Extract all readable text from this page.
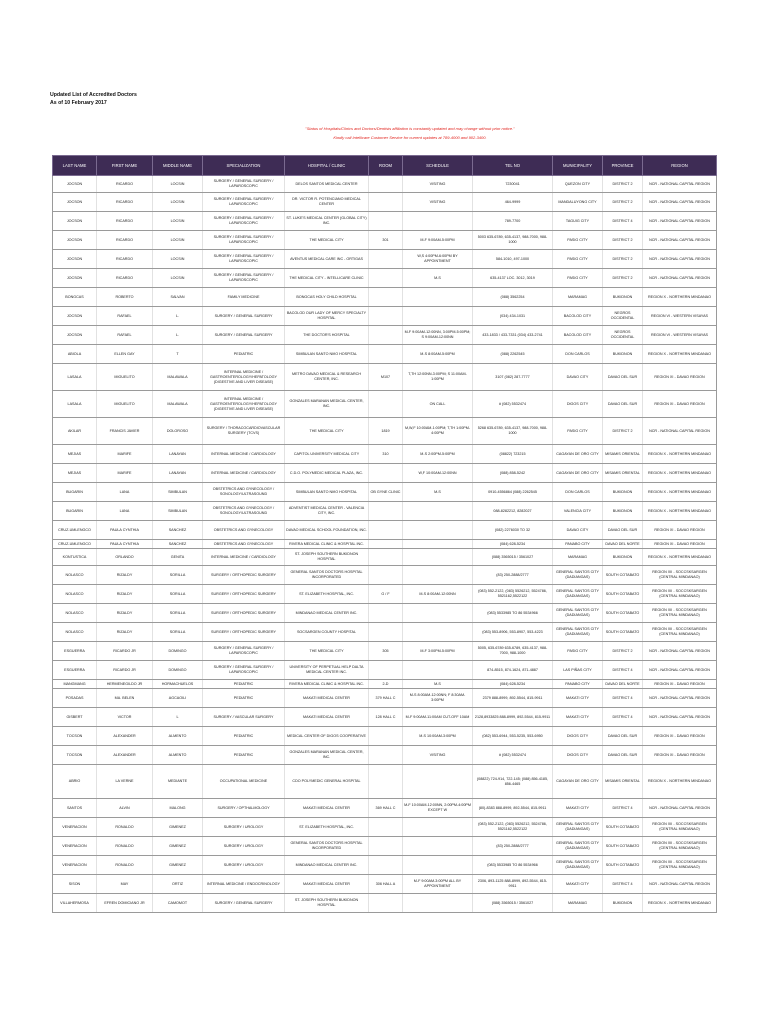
Updated List of Accredited Doctors
As of 10 February 2017
"Status of Hospitals/Clinics and Doctors/Dentists affiliation is constantly updated and may change without prior notice."
Kindly call Intellicare Customer Service for current updates at 789-4000 and 902-3400.
LAST NAME	FIRST NAME	MIDDLE NAME	SPECIALIZATION	HOSPITAL / CLINIC	ROOM	SCHEDULE	TEL NO	MUNICIPALITY	PROVINCE	REGION
JOCSON	RICARDO	LOCSIN	SURGERY / GENERAL SURGERY / LAPAROSCOPIC	DELOS SANTOS MEDICAL CENTER		VISITING	7230041	QUEZON CITY	DISTRICT 2	NCR - NATIONAL CAPITAL REGION
JOCSON	RICARDO	LOCSIN	SURGERY / GENERAL SURGERY / LAPAROSCOPIC	DR. VICTOR R. POTENCIANO MEDICAL CENTER		VISITING	464-9999	MANDALUYONG CITY	DISTRICT 2	NCR - NATIONAL CAPITAL REGION
JOCSON	RICARDO	LOCSIN	SURGERY / GENERAL SURGERY / LAPAROSCOPIC	ST. LUKE'S MEDICAL CENTER (GLOBAL CITY) INC.			789-7700	TAGUIG CITY	DISTRICT 4	NCR - NATIONAL CAPITAL REGION
JOCSON	RICARDO	LOCSIN	SURGERY / GENERAL SURGERY / LAPAROSCOPIC	THE MEDICAL CITY	301	M-F 9:00AM-5:00PM	5003 635-6789, 635-4137, 988-7000, 988-1000	PASIG CITY	DISTRICT 2	NCR - NATIONAL CAPITAL REGION
JOCSON	RICARDO	LOCSIN	SURGERY / GENERAL SURGERY / LAPAROSCOPIC	AVENTUS MEDICAL CARE INC - ORTIGAS		W,S 4:00PM-6:00PM BY APPOINTMENT	584-1010, 497-1000	PASIG CITY	DISTRICT 2	NCR - NATIONAL CAPITAL REGION
JOCSON	RICARDO	LOCSIN	SURGERY / GENERAL SURGERY / LAPAROSCOPIC	THE MEDICAL CITY - INTELLICARE CLINIC		M-S	635-4137 LOC. 3012, 3019	PASIG CITY	DISTRICT 2	NCR - NATIONAL CAPITAL REGION
BONGCAS	ROBERTO	SALVAN	FAMILY MEDICINE	BONGCAS HOLY CHILD HOSPITAL			(088) 3562254	MARAMAG	BUKIDNON	REGION X - NORTHERN MINDANAO
JOCSON	RAFAEL	L.	SURGERY / GENERAL SURGERY	BACOLOD OUR LADY OF MERCY SPECIALTY HOSPITAL			(034) 434-1031	BACOLOD CITY	NEGROS OCCIDENTAL	REGION VI - WESTERN VISAYAS
JOCSON	RAFAEL	L.	SURGERY / GENERAL SURGERY	THE DOCTOR'S HOSPITAL		M-F 9:00AM-12:00NN, 3:00PM-5:00PM; S 9:00AM-12:00NN	433-1833 / 433-7331 (034) 433-2741	BACOLOD CITY	NEGROS OCCIDENTAL	REGION VI - WESTERN VISAYAS
ABIOLA	ELLEN GAY	T	PEDIATRIC	SIMBULAN SANTO NIñO HOSPITAL		M-S 8:00AM-5:00PM	(088) 2262545	DON CARLOS	BUKIDNON	REGION X - NORTHERN MINDANAO
LASALA	MIGUELITO	MALAWALA	INTERNAL MEDICINE / GASTROENTEROLOGY/HEPATOLOGY (DIGESTIVE AND LIVER DISEASE)	METRO DAVAO MEDICAL & RESEARCH CENTER, INC.	M107	T,TH 12:00NN-3:00PM; S 11:00AM-1:00PM	3107 (082) 287-7777	DAVAO CITY	DAVAO DEL SUR	REGION XI - DAVAO REGION
LASALA	MIGUELITO	MALAWALA	INTERNAL MEDICINE / GASTROENTEROLOGY/HEPATOLOGY (DIGESTIVE AND LIVER DISEASE)	GONZALES MARANAN MEDICAL CENTER, INC.		ON CALL	# (082) 5532474	DIGOS CITY	DAVAO DEL SUR	REGION XI - DAVAO REGION
AKILAR	FRANCIS JAVIER	DOLOROSO	SURGERY / THORACOCARDIOVASCULAR SURGERY (TCVS)	THE MEDICAL CITY	1819	M,W,F 10:00AM-1:00PM; T,TH 1:00PM-4:00PM	5268 635-6789, 635-4137, 988-7000, 988-1000	PASIG CITY	DISTRICT 2	NCR - NATIONAL CAPITAL REGION
MEJIAS	MARIFE	LANAYAN	INTERNAL MEDICINE / CARDIOLOGY	CAPITOL UNIVERSITY MEDICAL CITY	310	M-S 2:00PM-5:00PM	(08822) 723215	CAGAYAN DE ORO CITY	MISAMIS ORIENTAL	REGION X - NORTHERN MINDANAO
MEJIAS	MARIFE	LANAYAN	INTERNAL MEDICINE / CARDIOLOGY	C.D.O. POLYMEDIC MEDICAL PLAZA, INC.		W,F 10:00AM-12:00NN	(088) 858-5242	CAGAYAN DE ORO CITY	MISAMIS ORIENTAL	REGION X - NORTHERN MINDANAO
BUGARIN	LANA	SIMBULAN	OBSTETRICS AND GYNECOLOGY / SONOLOGY/ULTRASOUND	SIMBULAN SANTO NIñO HOSPITAL	OB GYNE CLINIC	M-S	0910-4556864 (088) 2262545	DON CARLOS	BUKIDNON	REGION X - NORTHERN MINDANAO
BUGARIN	LANA	SIMBULAN	OBSTETRICS AND GYNECOLOGY / SONOLOGY/ULTRASOUND	ADVENTIST MEDICAL CENTER - VALENCIA CITY, INC.			088-8282212, 8282027	VALENCIA CITY	BUKIDNON	REGION X - NORTHERN MINDANAO
CRUZ-UMLENGCO	PAULA CYNTHIA	SANCHEZ	OBSTETRICS AND GYNECOLOGY	DAVAO MEDICAL SCHOOL FOUNDATION, INC.			(082) 2276030 TO 32	DAVAO CITY	DAVAO DEL SUR	REGION XI - DAVAO REGION
CRUZ-UMLENGCO	PAULA CYNTHIA	SANCHEZ	OBSTETRICS AND GYNECOLOGY	RIVERA MEDICAL CLINIC & HOSPITAL INC.			(084) 628-5234	PANABO CITY	DAVAO DEL NORTE	REGION XI - DAVAO REGION
KONTUSTICA	ORLANDO	GENITA	INTERNAL MEDICINE / CARDIOLOGY	ST. JOSEPH SOUTHERN BUKIDNON HOSPITAL			(088) 3565015 / 3561027	MARAMAG	BUKIDNON	REGION X - NORTHERN MINDANAO
NOLASCO	RIZALDY	SORILLA	SURGERY / ORTHOPEDIC SURGERY	GENERAL SANTOS DOCTORS HOSPITAL INCORPORATED			(83) 250-2888/2777	GENERAL SANTOS CITY (DADIANGAS)	SOUTH COTABATO	REGION XII - SOCCSKSARGEN (CENTRAL MINDANAO)
NOLASCO	RIZALDY	SORILLA	SURGERY / ORTHOPEDIC SURGERY	ST. ELIZABETH HOSPITAL, INC.	G / F	M-S 8:00AM-12:00NN	(083) 552-2122, (083) 5526212, 5524786, 5521162,5522122	GENERAL SANTOS CITY (DADIANGAS)	SOUTH COTABATO	REGION XII - SOCCSKSARGEN (CENTRAL MINDANAO)
NOLASCO	RIZALDY	SORILLA	SURGERY / ORTHOPEDIC SURGERY	MINDANAO MEDICAL CENTER INC.			(083) 5533985 TO 86 5534966	GENERAL SANTOS CITY (DADIANGAS)	SOUTH COTABATO	REGION XII - SOCCSKSARGEN (CENTRAL MINDANAO)
NOLASCO	RIZALDY	SORILLA	SURGERY / ORTHOPEDIC SURGERY	SOCSARGEN COUNTY HOSPITAL			(083) 553-8906, 553-8907, 553-4223	GENERAL SANTOS CITY (DADIANGAS)	SOUTH COTABATO	REGION XII - SOCCSKSARGEN (CENTRAL MINDANAO)
ESGUERRA	RICARDO JR	DOMINGO	SURGERY / GENERAL SURGERY / LAPAROSCOPIC	THE MEDICAL CITY	305	M-F 3:00PM-5:00PM	5005, 635-6789 635-6789, 635-4137, 988-7000, 988-1000	PASIG CITY	DISTRICT 2	NCR - NATIONAL CAPITAL REGION
ESGUERRA	RICARDO JR	DOMINGO	SURGERY / GENERAL SURGERY / LAPAROSCOPIC	UNIVERSITY OF PERPETUAL HELP DALTA MEDICAL CENTER INC.			874-8515, 874-1624, 871-4887	LAS PIÑAS CITY	DISTRICT 4	NCR - NATIONAL CAPITAL REGION
MANGMANG	HERMENEGILDO JR	HORMACHUELOS	PEDIATRIC	RIVERA MEDICAL CLINIC & HOSPITAL INC.	2-D	M-S	(084) 628-5234	PANABO CITY	DAVAO DEL NORTE	REGION XI - DAVAO REGION
POSADAS	MA. BELEN	AGCAOILI	PEDIATRIC	MAKATI MEDICAL CENTER	379 HALL C	M-S 8:00AM-12:00NN; F 8:30AM-3:00PM	2379 888-8999, 892-5544, 815-9911	MAKATI CITY	DISTRICT 4	NCR - NATIONAL CAPITAL REGION
GISBERT	VICTOR	L	SURGERY / VASCULAR SURGERY	MAKATI MEDICAL CENTER	128 HALL C	M-F 9:00AM-11:00AM CUT-OFF 10AM	2128,8933825 888-8999, 892-5544, 815-9911	MAKATI CITY	DISTRICT 4	NCR - NATIONAL CAPITAL REGION
TOCSON	ALEXANDER	ALMENTO	PEDIATRIC	MEDICAL CENTER OF DIGOS COOPERATIVE		M-S 10:00AM-3:00PM	(082) 553-6944, 553-5235, 553-6950	DIGOS CITY	DAVAO DEL SUR	REGION XI - DAVAO REGION
TOCSON	ALEXANDER	ALMENTO	PEDIATRIC	GONZALES MARANAN MEDICAL CENTER, INC.		VISITING	# (082) 5532474	DIGOS CITY	DAVAO DEL SUR	REGION XI - DAVAO REGION
ABRIO	LA VERNE	MEDIANTE	OCCUPATIONAL MEDICINE	CDO POLYMEDIC GENERAL HOSPITAL			(08822) 724-914, 722-145; (088) 856-4185, 856-4465	CAGAYAN DE ORO CITY	MISAMIS ORIENTAL	REGION X - NORTHERN MINDANAO
SANTOS	ALVIN	MALONG	SURGERY / OPTHALMOLOGY	MAKATI MEDICAL CENTER	369 HALL C	M-F 10:00AM-12:00NN, 2:00PM-4:00PM EXCEPT W	(80)-8383 888-8999, 892-5544, 815-9911	MAKATI CITY	DISTRICT 4	NCR - NATIONAL CAPITAL REGION
VENERACION	RONALDO	GIMENEZ	SURGERY / UROLOGY	ST. ELIZABETH HOSPITAL, INC.			(083) 552-2122, (083) 5526212, 5524786, 5521162,5522122	GENERAL SANTOS CITY (DADIANGAS)	SOUTH COTABATO	REGION XII - SOCCSKSARGEN (CENTRAL MINDANAO)
VENERACION	RONALDO	GIMENEZ	SURGERY / UROLOGY	GENERAL SANTOS DOCTORS HOSPITAL INCORPORATED			(83) 250-2888/2777	GENERAL SANTOS CITY (DADIANGAS)	SOUTH COTABATO	REGION XII - SOCCSKSARGEN (CENTRAL MINDANAO)
VENERACION	RONALDO	GIMENEZ	SURGERY / UROLOGY	MINDANAO MEDICAL CENTER INC.			(083) 5533985 TO 86 5534966	GENERAL SANTOS CITY (DADIANGAS)	SOUTH COTABATO	REGION XII - SOCCSKSARGEN (CENTRAL MINDANAO)
SISON	MAY	ORTIZ	INTERNAL MEDICINE / ENDOCRINOLOGY	MAKATI MEDICAL CENTER	306 HALL A	M-F 9:00AM-3:00PM ALL BY APPOINTMENT	2306, 893-1125 888-8999, 892-5544, 815-9911	MAKATI CITY	DISTRICT 4	NCR - NATIONAL CAPITAL REGION
VILLAHERMOSA	EFREN DOMICIANO JR	CAMOMOT	SURGERY / GENERAL SURGERY	ST. JOSEPH SOUTHERN BUKIDNON HOSPITAL			(088) 3565015 / 3561027	MARAMAG	BUKIDNON	REGION X - NORTHERN MINDANAO
